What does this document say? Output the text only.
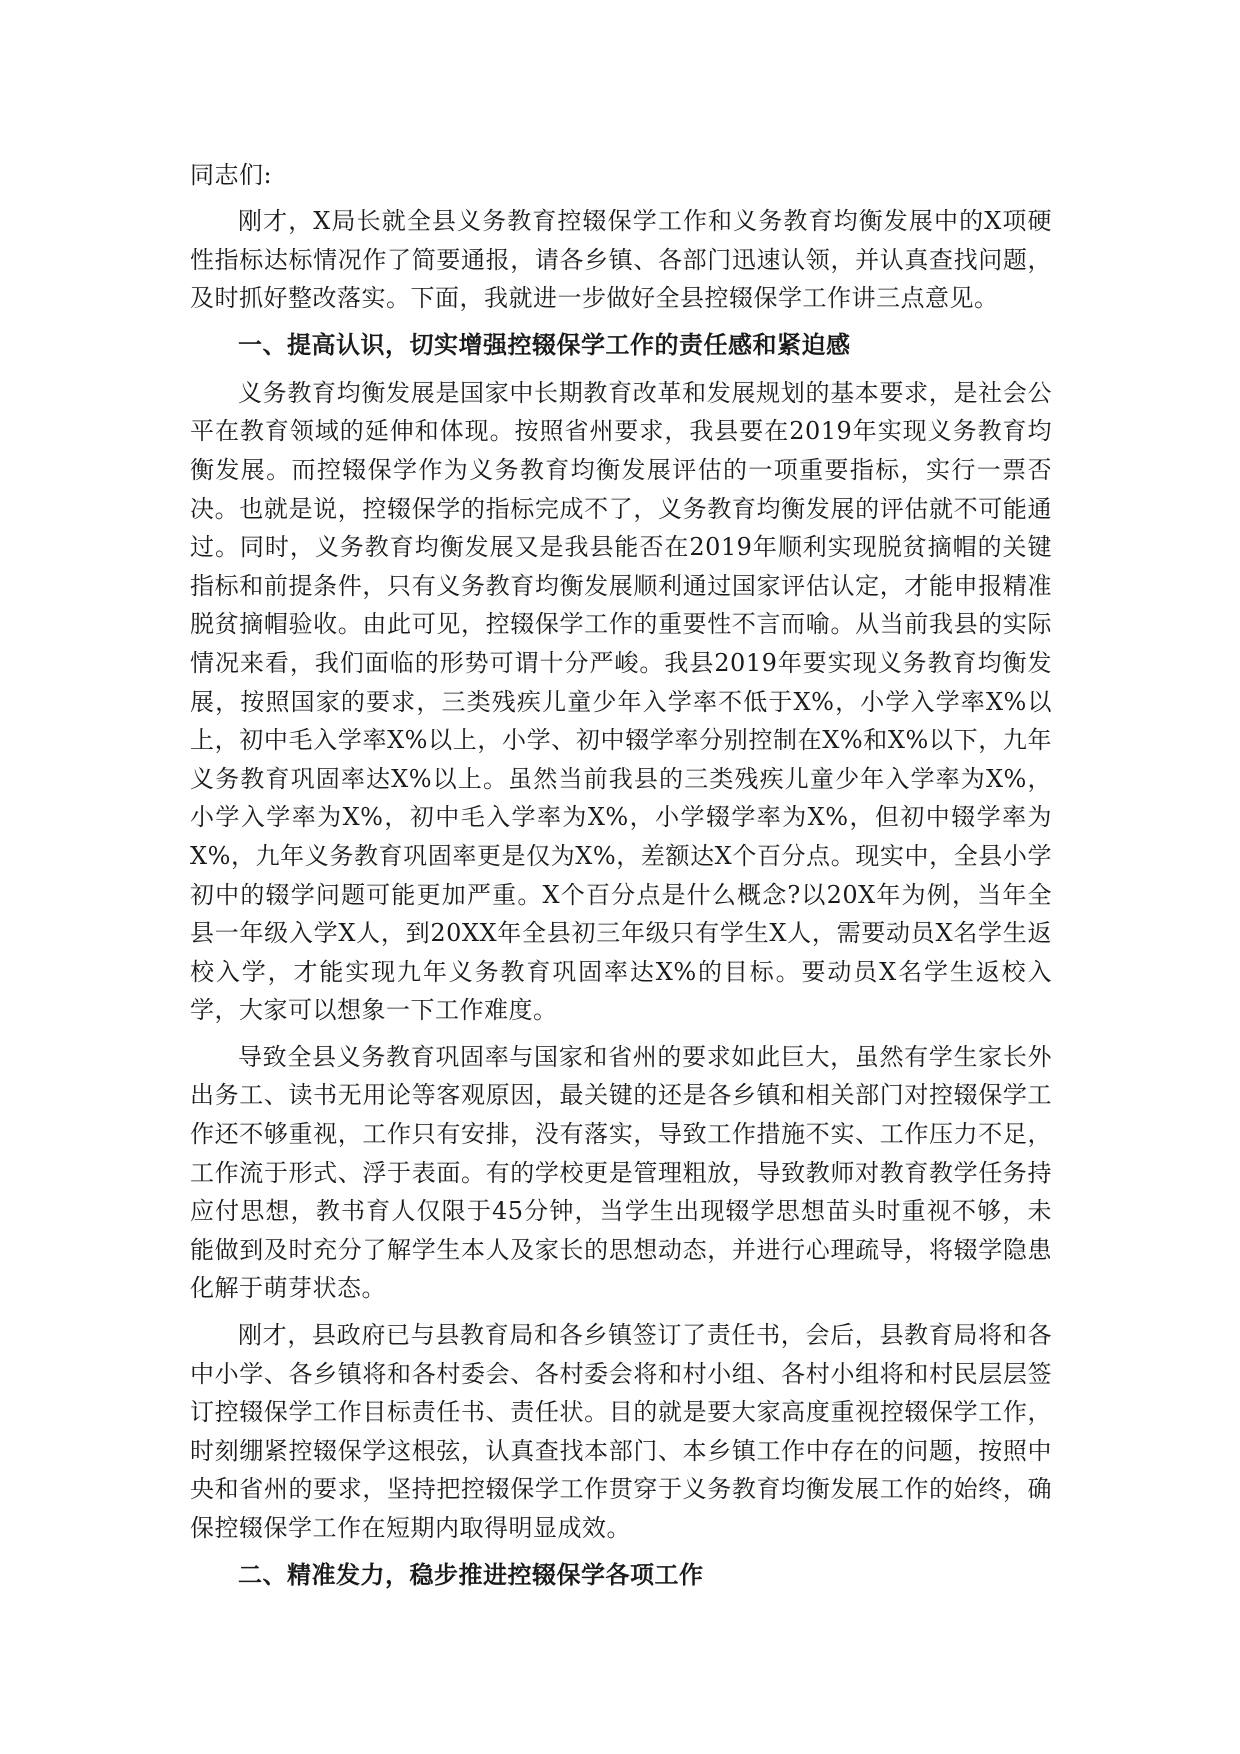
同志们:

刚才，X局长就全县义务教育控辍保学工作和义务教育均衡发展中的X项硬性指标达标情况作了简要通报，请各乡镇、各部门迅速认领，并认真查找问题，及时抓好整改落实。下面，我就进一步做好全县控辍保学工作讲三点意见。

一、提高认识，切实增强控辍保学工作的责任感和紧迫感

义务教育均衡发展是国家中长期教育改革和发展规划的基本要求，是社会公平在教育领域的延伸和体现。按照省州要求，我县要在2019年实现义务教育均衡发展。而控辍保学作为义务教育均衡发展评估的一项重要指标，实行一票否决。也就是说，控辍保学的指标完成不了，义务教育均衡发展的评估就不可能通过。同时，义务教育均衡发展又是我县能否在2019年顺利实现脱贫摘帽的关键指标和前提条件，只有义务教育均衡发展顺利通过国家评估认定，才能申报精准脱贫摘帽验收。由此可见，控辍保学工作的重要性不言而喻。从当前我县的实际情况来看，我们面临的形势可谓十分严峻。我县2019年要实现义务教育均衡发展，按照国家的要求，三类残疾儿童少年入学率不低于X%，小学入学率X%以上，初中毛入学率X%以上，小学、初中辍学率分别控制在X%和X%以下，九年义务教育巩固率达X%以上。虽然当前我县的三类残疾儿童少年入学率为X%，小学入学率为X%，初中毛入学率为X%，小学辍学率为X%，但初中辍学率为X%，九年义务教育巩固率更是仅为X%，差额达X个百分点。现实中，全县小学初中的辍学问题可能更加严重。X个百分点是什么概念?以20X年为例，当年全县一年级入学X人，到20XX年全县初三年级只有学生X人，需要动员X名学生返校入学，才能实现九年义务教育巩固率达X%的目标。要动员X名学生返校入学，大家可以想象一下工作难度。

导致全县义务教育巩固率与国家和省州的要求如此巨大，虽然有学生家长外出务工、读书无用论等客观原因，最关键的还是各乡镇和相关部门对控辍保学工作还不够重视，工作只有安排，没有落实，导致工作措施不实、工作压力不足，工作流于形式、浮于表面。有的学校更是管理粗放，导致教师对教育教学任务持应付思想，教书育人仅限于45分钟，当学生出现辍学思想苗头时重视不够，未能做到及时充分了解学生本人及家长的思想动态，并进行心理疏导，将辍学隐患化解于萌芽状态。

刚才，县政府已与县教育局和各乡镇签订了责任书，会后，县教育局将和各中小学、各乡镇将和各村委会、各村委会将和村小组、各村小组将和村民层层签订控辍保学工作目标责任书、责任状。目的就是要大家高度重视控辍保学工作，时刻绷紧控辍保学这根弦，认真查找本部门、本乡镇工作中存在的问题，按照中央和省州的要求，坚持把控辍保学工作贯穿于义务教育均衡发展工作的始终，确保控辍保学工作在短期内取得明显成效。

二、精准发力，稳步推进控辍保学各项工作
